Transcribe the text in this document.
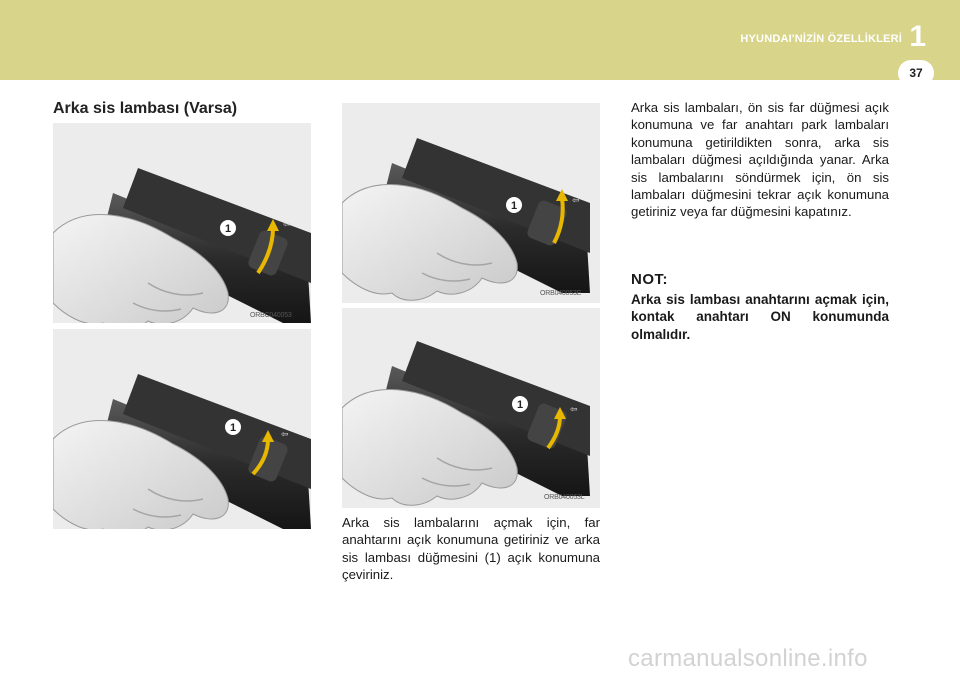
HYUNDAI'NİZİN ÖZELLİKLERİ 1
37
Arka sis lambası (Varsa)
1	⇦
ORBC040053
1	⇦
1	⇦
ORB040053E
1	⇦
ORB040053L
Arka sis lambalarını açmak için, far anahtarını açık konumuna getiriniz ve arka sis lambası düğmesini (1) açık konumuna çeviriniz.
Arka sis lambaları, ön sis far düğmesi açık konumuna ve far anahtarı park lambaları konumuna getirildikten sonra, arka sis lambaları düğmesi açıldığında yanar. Arka sis lambalarını söndürmek için, ön sis lambaları düğmesini tekrar açık konumuna getiriniz veya far düğmesini kapatınız.
NOT:
Arka sis lambası anahtarını açmak için, kontak anahtarı ON konumunda olmalıdır.
carmanualsonline.info
